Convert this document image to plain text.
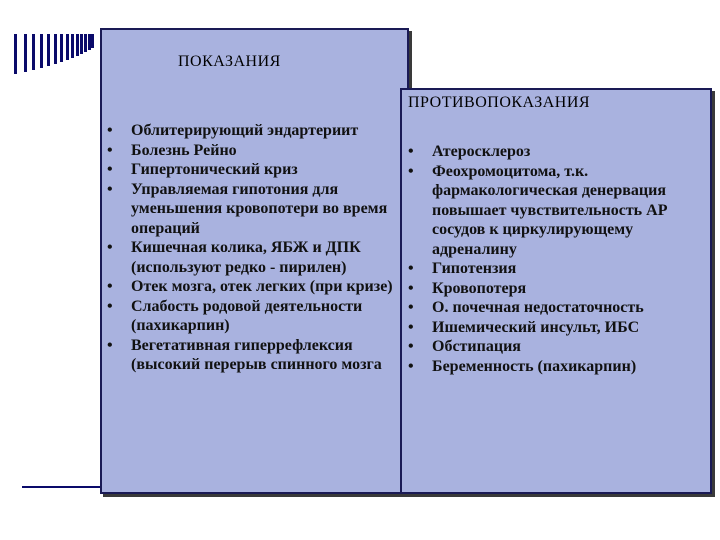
ПОКАЗАНИЯ
ПРОТИВОПОКАЗАНИЯ
• Облитерирующий эндартериит
• Болезнь Рейно
• Гипертонический криз
• Управляемая гипотония для уменьшения кровопотери во время операций
• Кишечная колика, ЯБЖ и ДПК (используют редко - пирилен)
• Отек мозга, отек легких (при кризе)
• Слабость родовой деятельности (пахикарпин)
• Вегетативная гиперрефлексия (высокий перерыв спинного мозга
• Атеросклероз
• Феохромоцитома, т.к. фармакологическая денервация повышает чувствительность АР сосудов к циркулирующему адреналину
• Гипотензия
• Кровопотеря
• О. почечная недостаточность
• Ишемический инсульт, ИБС
• Обстипация
• Беременность (пахикарпин)
